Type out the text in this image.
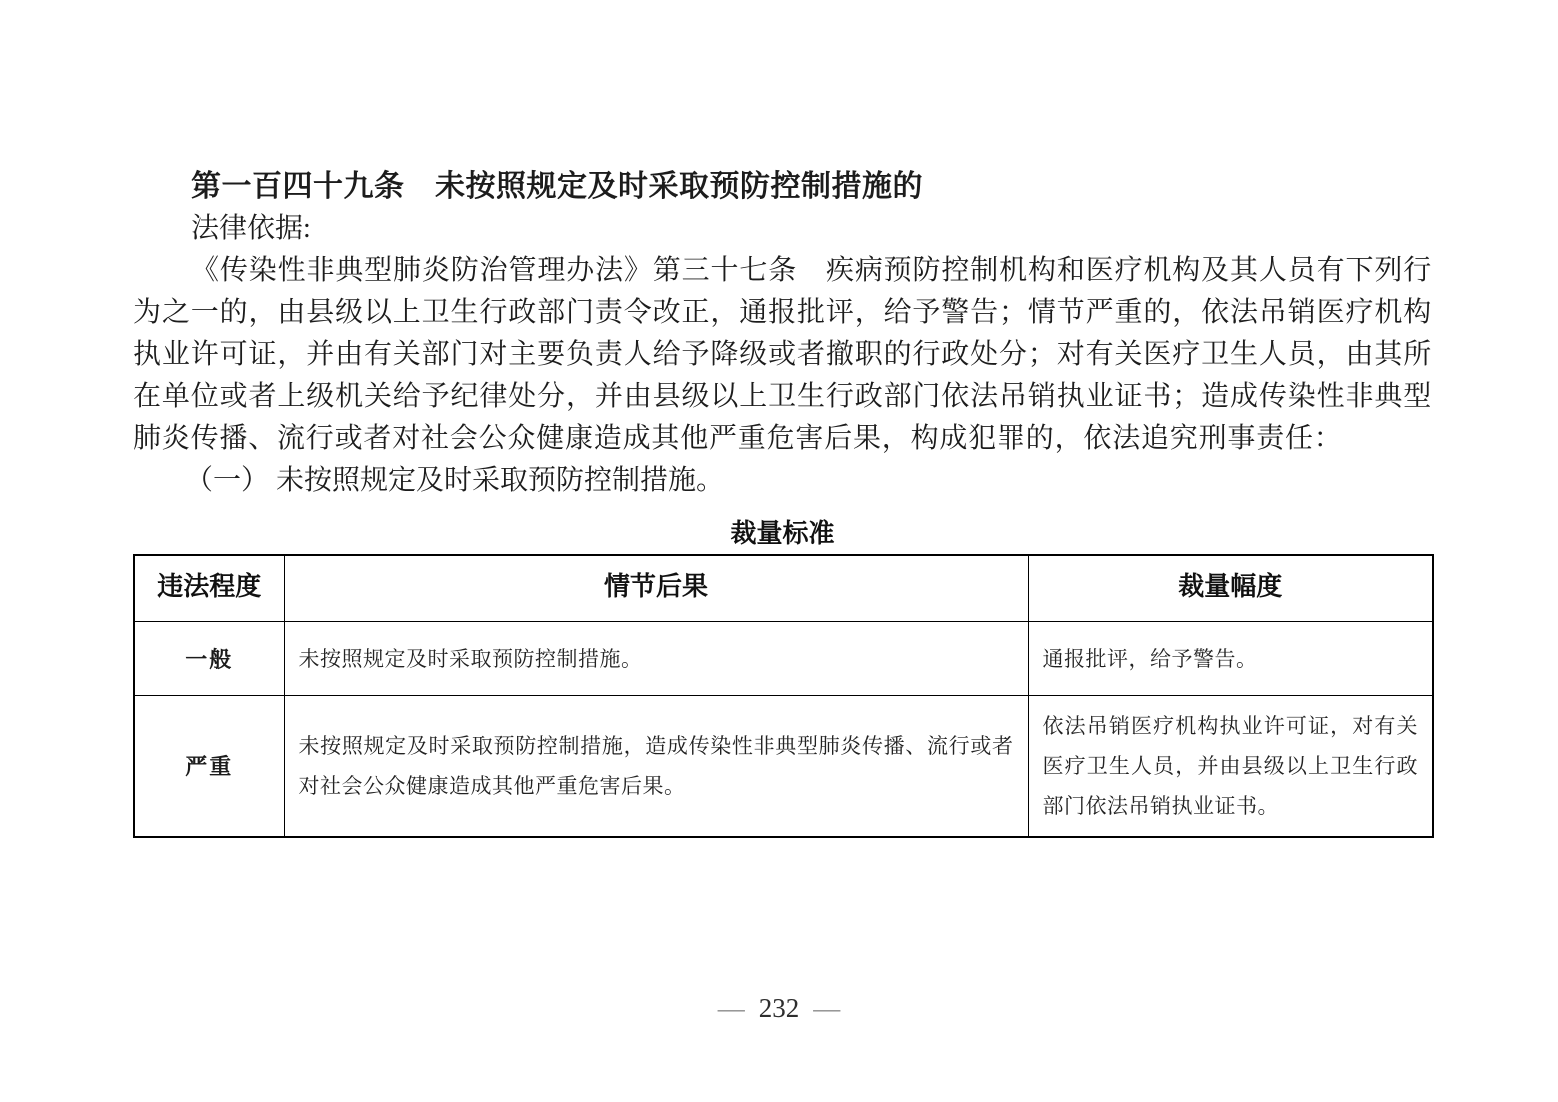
第一百四十九条　未按照规定及时采取预防控制措施的

法律依据:

《传染性非典型肺炎防治管理办法》第三十七条　疾病预防控制机构和医疗机构及其人员有下列行为之一的，由县级以上卫生行政部门责令改正，通报批评，给予警告；情节严重的，依法吊销医疗机构执业许可证，并由有关部门对主要负责人给予降级或者撤职的行政处分；对有关医疗卫生人员，由其所在单位或者上级机关给予纪律处分，并由县级以上卫生行政部门依法吊销执业证书；造成传染性非典型肺炎传播、流行或者对社会公众健康造成其他严重危害后果，构成犯罪的，依法追究刑事责任：

（一） 未按照规定及时采取预防控制措施。

裁量标准
违法程度	情节后果	裁量幅度
一般	未按照规定及时采取预防控制措施。	通报批评，给予警告。
严重	未按照规定及时采取预防控制措施，造成传染性非典型肺炎传播、流行或者对社会公众健康造成其他严重危害后果。	依法吊销医疗机构执业许可证，对有关医疗卫生人员，并由县级以上卫生行政部门依法吊销执业证书。
— 232 —
